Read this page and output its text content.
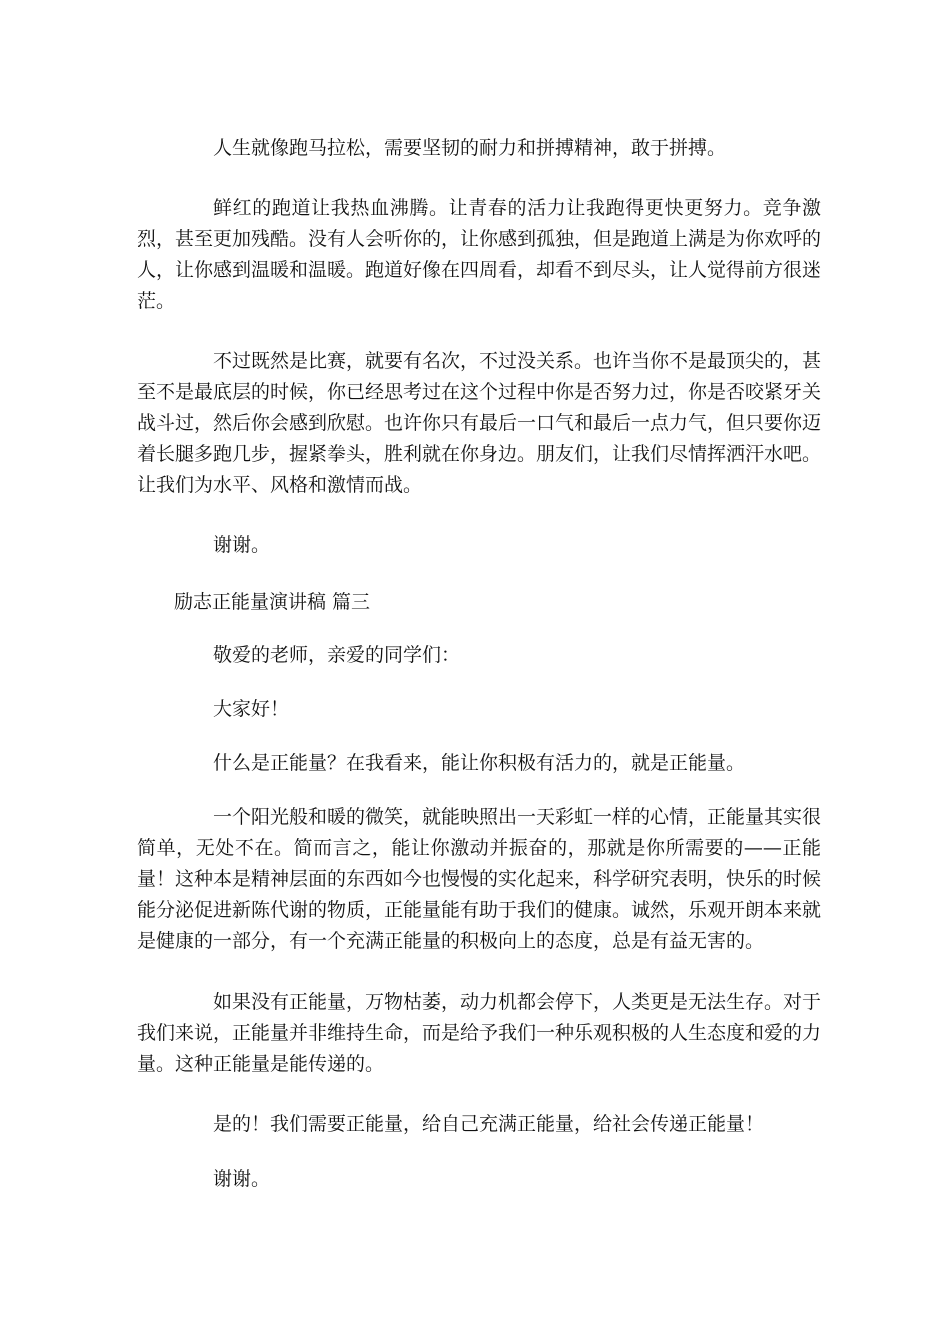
人生就像跑马拉松，需要坚韧的耐力和拼搏精神，敢于拼搏。

鲜红的跑道让我热血沸腾。让青春的活力让我跑得更快更努力。竞争激烈，甚至更加残酷。没有人会听你的，让你感到孤独，但是跑道上满是为你欢呼的人，让你感到温暖和温暖。跑道好像在四周看，却看不到尽头，让人觉得前方很迷茫。

不过既然是比赛，就要有名次，不过没关系。也许当你不是最顶尖的，甚至不是最底层的时候，你已经思考过在这个过程中你是否努力过，你是否咬紧牙关战斗过，然后你会感到欣慰。也许你只有最后一口气和最后一点力气，但只要你迈着长腿多跑几步，握紧拳头，胜利就在你身边。朋友们，让我们尽情挥洒汗水吧。让我们为水平、风格和激情而战。

谢谢。

励志正能量演讲稿 篇三

敬爱的老师，亲爱的同学们：

大家好！

什么是正能量？在我看来，能让你积极有活力的，就是正能量。

一个阳光般和暖的微笑，就能映照出一天彩虹一样的心情，正能量其实很简单，无处不在。简而言之，能让你激动并振奋的，那就是你所需要的——正能量！这种本是精神层面的东西如今也慢慢的实化起来，科学研究表明，快乐的时候能分泌促进新陈代谢的物质，正能量能有助于我们的健康。诚然，乐观开朗本来就是健康的一部分，有一个充满正能量的积极向上的态度，总是有益无害的。

如果没有正能量，万物枯萎，动力机都会停下，人类更是无法生存。对于我们来说，正能量并非维持生命，而是给予我们一种乐观积极的人生态度和爱的力量。这种正能量是能传递的。

是的！我们需要正能量，给自己充满正能量，给社会传递正能量！

谢谢。
